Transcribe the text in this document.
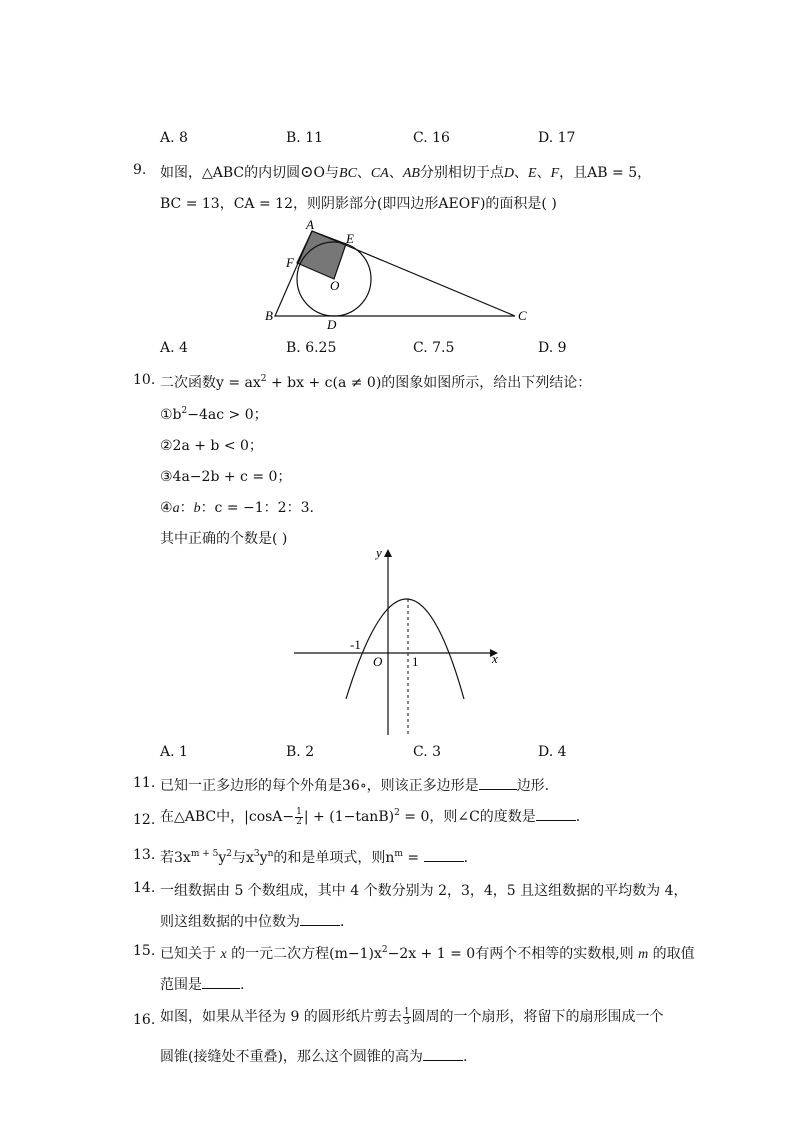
A. 8	B. 11	C. 16	D. 17
9. 如图，△ABC的内切圆⊙O与BC、CA、AB分别相切于点D、E、F，且AB = 5，
BC = 13，CA = 12，则阴影部分(即四边形AEOF)的面积是( )
A
E
F
O
B
D
C
A. 4	B. 6.25	C. 7.5	D. 9
10. 二次函数$y = ax^2$ + bx + c(a ≠ 0)的图象如图所示，给出下列结论：
$①b^2-4ac > 0$；
②2a + b < 0；
③4a−2b + c = 0；
④a：b：c = −1：2：3.
其中正确的个数是( )
y
x
-1
O 1
A. 1	B. 2	C. 3	D. 4
11. 已知一正多边形的每个外角是36∘，则该正多边形是	边形.
12. 在△ABC中，$|\cos A- \frac{1}{2}$ | + $(1-\tan B)^2 = 0$，则∠C的度数是	.
13. 若$3x^{m + 5}y^2$与$x^3y^n$的和是单项式，则$n^m$ =	.
14. 一组数据由 5 个数组成，其中 4 个数分别为 2，3，4，5 且这组数据的平均数为 4，
则这组数据的中位数为	.
15. 已知关于 x 的一元二次方程$(m-1)x^2-2x + 1 = 0$有两个不相等的实数根,则 m 的取值
范围是	.
16. 如图，如果从半径为 9 的圆形纸片剪去 $\frac{1}{3}$ 圆周的一个扇形，将留下的扇形围成一个
圆锥(接缝处不重叠)，那么这个圆锥的高为	.
